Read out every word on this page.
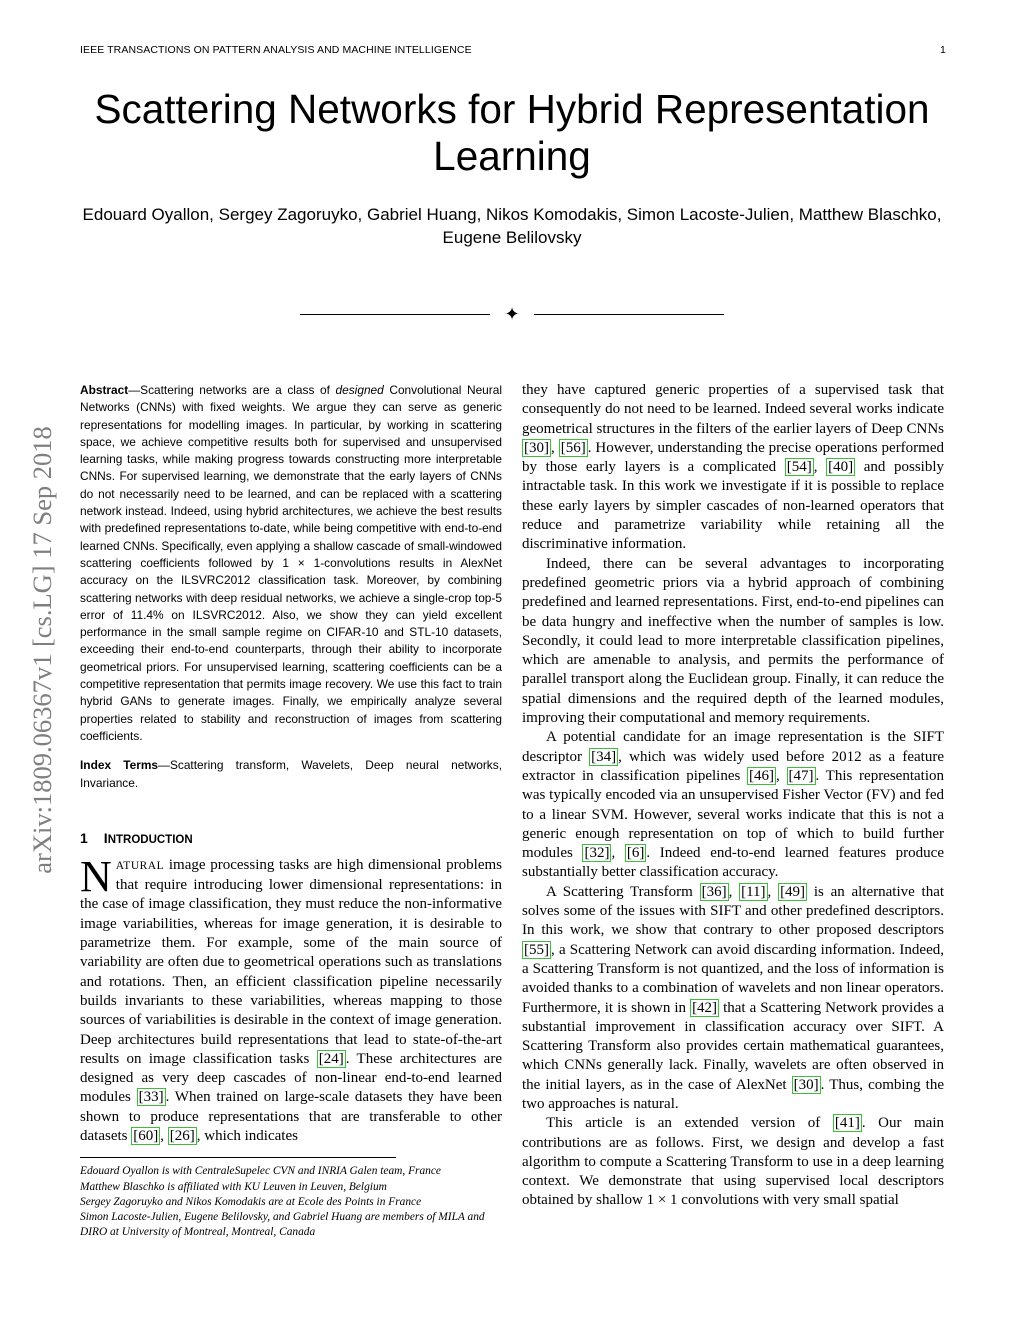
IEEE TRANSACTIONS ON PATTERN ANALYSIS AND MACHINE INTELLIGENCE	1
Scattering Networks for Hybrid Representation Learning
Edouard Oyallon, Sergey Zagoruyko, Gabriel Huang, Nikos Komodakis, Simon Lacoste-Julien, Matthew Blaschko, Eugene Belilovsky
✦
arXiv:1809.06367v1 [cs.LG] 17 Sep 2018

Abstract—Scattering networks are a class of designed Convolutional Neural Networks (CNNs) with fixed weights. We argue they can serve as generic representations for modelling images. In particular, by working in scattering space, we achieve competitive results both for supervised and unsupervised learning tasks, while making progress towards constructing more interpretable CNNs. For supervised learning, we demonstrate that the early layers of CNNs do not necessarily need to be learned, and can be replaced with a scattering network instead. Indeed, using hybrid architectures, we achieve the best results with predefined representations to-date, while being competitive with end-to-end learned CNNs. Specifically, even applying a shallow cascade of small-windowed scattering coefficients followed by 1 × 1-convolutions results in AlexNet accuracy on the ILSVRC2012 classification task. Moreover, by combining scattering networks with deep residual networks, we achieve a single-crop top-5 error of 11.4% on ILSVRC2012. Also, we show they can yield excellent performance in the small sample regime on CIFAR-10 and STL-10 datasets, exceeding their end-to-end counterparts, through their ability to incorporate geometrical priors. For unsupervised learning, scattering coefficients can be a competitive representation that permits image recovery. We use this fact to train hybrid GANs to generate images. Finally, we empirically analyze several properties related to stability and reconstruction of images from scattering coefficients.

Index Terms—Scattering transform, Wavelets, Deep neural networks, Invariance.

1 INTRODUCTION

NATURAL image processing tasks are high dimensional problems that require introducing lower dimensional representations: in the case of image classification, they must reduce the non-informative image variabilities, whereas for image generation, it is desirable to parametrize them. For example, some of the main source of variability are often due to geometrical operations such as translations and rotations. Then, an efficient classification pipeline necessarily builds invariants to these variabilities, whereas mapping to those sources of variabilities is desirable in the context of image generation. Deep architectures build representations that lead to state-of-the-art results on image classification tasks [24] . These architectures are designed as very deep cascades of non-linear end-to-end learned modules [33] . When trained on large-scale datasets they have been shown to produce representations that are transferable to other datasets [60] , [26] , which indicates

Edouard Oyallon is with CentraleSupelec CVN and INRIA Galen team, France

Matthew Blaschko is affiliated with KU Leuven in Leuven, Belgium

Sergey Zagoruyko and Nikos Komodakis are at Ecole des Points in France

Simon Lacoste-Julien, Eugene Belilovsky, and Gabriel Huang are members of MILA and DIRO at University of Montreal, Montreal, Canada

they have captured generic properties of a supervised task that consequently do not need to be learned. Indeed several works indicate geometrical structures in the filters of the earlier layers of Deep CNNs [30] , [56] . However, understanding the precise operations performed by those early layers is a complicated [54] , [40] and possibly intractable task. In this work we investigate if it is possible to replace these early layers by simpler cascades of non-learned operators that reduce and parametrize variability while retaining all the discriminative information.

Indeed, there can be several advantages to incorporating predefined geometric priors via a hybrid approach of combining predefined and learned representations. First, end-to-end pipelines can be data hungry and ineffective when the number of samples is low. Secondly, it could lead to more interpretable classification pipelines, which are amenable to analysis, and permits the performance of parallel transport along the Euclidean group. Finally, it can reduce the spatial dimensions and the required depth of the learned modules, improving their computational and memory requirements.

A potential candidate for an image representation is the SIFT descriptor [34] , which was widely used before 2012 as a feature extractor in classification pipelines [46] , [47] . This representation was typically encoded via an unsupervised Fisher Vector (FV) and fed to a linear SVM. However, several works indicate that this is not a generic enough representation on top of which to build further modules [32] , [6] . Indeed end-to-end learned features produce substantially better classification accuracy.

A Scattering Transform [36] , [11] , [49] is an alternative that solves some of the issues with SIFT and other predefined descriptors. In this work, we show that contrary to other proposed descriptors [55] , a Scattering Network can avoid discarding information. Indeed, a Scattering Transform is not quantized, and the loss of information is avoided thanks to a combination of wavelets and non linear operators. Furthermore, it is shown in [42] that a Scattering Network provides a substantial improvement in classification accuracy over SIFT. A Scattering Transform also provides certain mathematical guarantees, which CNNs generally lack. Finally, wavelets are often observed in the initial layers, as in the case of AlexNet [30] . Thus, combing the two approaches is natural.

This article is an extended version of [41] . Our main contributions are as follows. First, we design and develop a fast algorithm to compute a Scattering Transform to use in a deep learning context. We demonstrate that using supervised local descriptors obtained by shallow 1 × 1 convolutions with very small spatial
